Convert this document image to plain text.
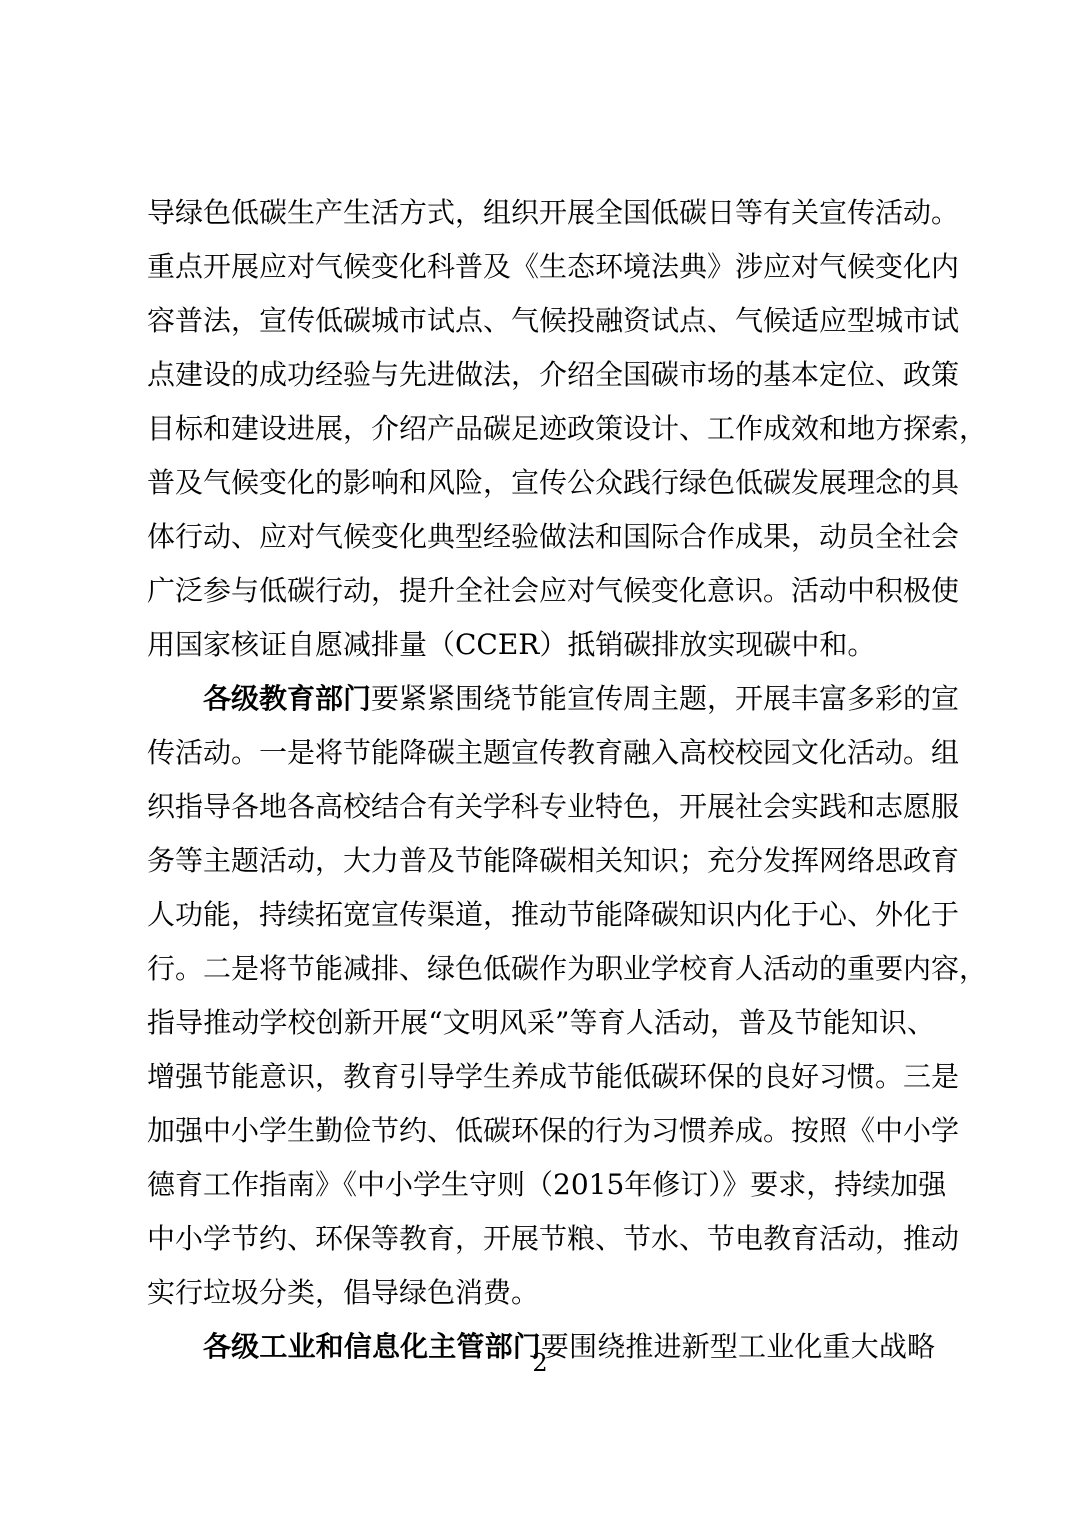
导绿色低碳生产生活方式，组织开展全国低碳日等有关宣传活动。
重点开展应对气候变化科普及《生态环境法典》涉应对气候变化内
容普法，宣传低碳城市试点、气候投融资试点、气候适应型城市试
点建设的成功经验与先进做法，介绍全国碳市场的基本定位、政策
目标和建设进展，介绍产品碳足迹政策设计、工作成效和地方探索，
普及气候变化的影响和风险，宣传公众践行绿色低碳发展理念的具
体行动、应对气候变化典型经验做法和国际合作成果，动员全社会
广泛参与低碳行动，提升全社会应对气候变化意识。活动中积极使
用国家核证自愿减排量（CCER）抵销碳排放实现碳中和。
各级教育部门要紧紧围绕节能宣传周主题，开展丰富多彩的宣
传活动。一是将节能降碳主题宣传教育融入高校校园文化活动。组
织指导各地各高校结合有关学科专业特色，开展社会实践和志愿服
务等主题活动，大力普及节能降碳相关知识；充分发挥网络思政育
人功能，持续拓宽宣传渠道，推动节能降碳知识内化于心、外化于
行。二是将节能减排、绿色低碳作为职业学校育人活动的重要内容，
指导推动学校创新开展“文明风采”等育人活动，普及节能知识、
增强节能意识，教育引导学生养成节能低碳环保的良好习惯。三是
加强中小学生勤俭节约、低碳环保的行为习惯养成。按照《中小学
德育工作指南》《中小学生守则（2015年修订）》要求，持续加强
中小学节约、环保等教育，开展节粮、节水、节电教育活动，推动
实行垃圾分类，倡导绿色消费。
各级工业和信息化主管部门要围绕推进新型工业化重大战略
2
